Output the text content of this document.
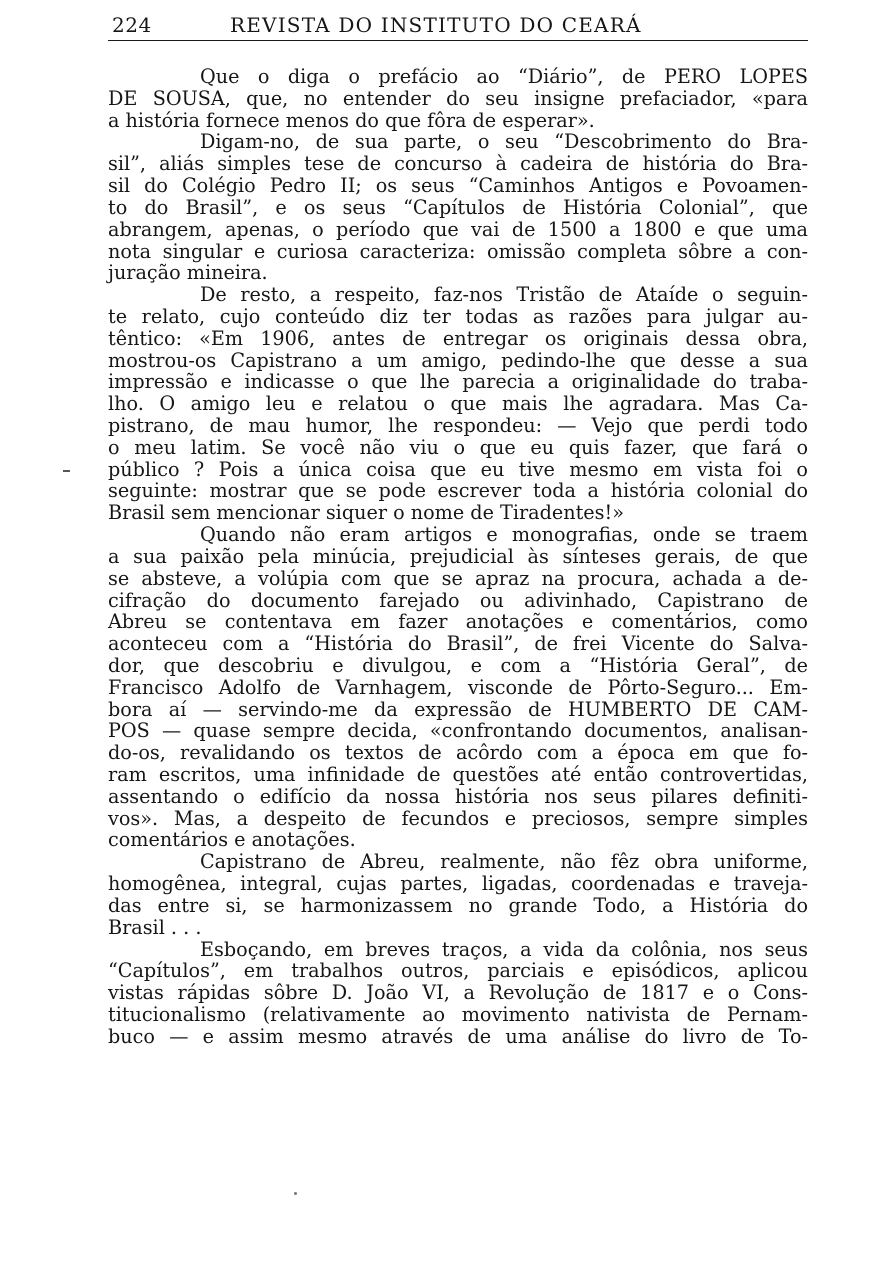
224	REVISTA DO INSTITUTO DO CEARÁ
Que o diga o prefácio ao “Diário”, de PERO LOPES
DE SOUSA, que, no entender do seu insigne prefaciador, «para
a história fornece menos do que fôra de esperar».
Digam-no, de sua parte, o seu “Descobrimento do Bra-
sil”, aliás simples tese de concurso à cadeira de história do Bra-
sil do Colégio Pedro II; os seus “Caminhos Antigos e Povoamen-
to do Brasil”, e os seus “Capítulos de História Colonial”, que
abrangem, apenas, o período que vai de 1500 a 1800 e que uma
nota singular e curiosa caracteriza: omissão completa sôbre a con-
juração mineira.
De resto, a respeito, faz-nos Tristão de Ataíde o seguin-
te relato, cujo conteúdo diz ter todas as razões para julgar au-
têntico: «Em 1906, antes de entregar os originais dessa obra,
mostrou-os Capistrano a um amigo, pedindo-lhe que desse a sua
impressão e indicasse o que lhe parecia a originalidade do traba-
lho. O amigo leu e relatou o que mais lhe agradara. Mas Ca-
pistrano, de mau humor, lhe respondeu: — Vejo que perdi todo
o meu latim. Se você não viu o que eu quis fazer, que fará o
público ? Pois a única coisa que eu tive mesmo em vista foi o
seguinte: mostrar que se pode escrever toda a história colonial do
Brasil sem mencionar siquer o nome de Tiradentes!»
Quando não eram artigos e monografias, onde se traem
a sua paixão pela minúcia, prejudicial às sínteses gerais, de que
se absteve, a volúpia com que se apraz na procura, achada a de-
cifração do documento farejado ou adivinhado, Capistrano de
Abreu se contentava em fazer anotações e comentários, como
aconteceu com a “História do Brasil”, de frei Vicente do Salva-
dor, que descobriu e divulgou, e com a “História Geral”, de
Francisco Adolfo de Varnhagem, visconde de Pôrto-Seguro... Em-
bora aí — servindo-me da expressão de HUMBERTO DE CAM-
POS — quase sempre decida, «confrontando documentos, analisan-
do-os, revalidando os textos de acôrdo com a época em que fo-
ram escritos, uma infinidade de questões até então controvertidas,
assentando o edifício da nossa história nos seus pilares definiti-
vos». Mas, a despeito de fecundos e preciosos, sempre simples
comentários e anotações.
Capistrano de Abreu, realmente, não fêz obra uniforme,
homogênea, integral, cujas partes, ligadas, coordenadas e traveja-
das entre si, se harmonizassem no grande Todo, a História do
Brasil . . .
Esboçando, em breves traços, a vida da colônia, nos seus
“Capítulos”, em trabalhos outros, parciais e episódicos, aplicou
vistas rápidas sôbre D. João VI, a Revolução de 1817 e o Cons-
titucionalismo (relativamente ao movimento nativista de Pernam-
buco — e assim mesmo através de uma análise do livro de To-
